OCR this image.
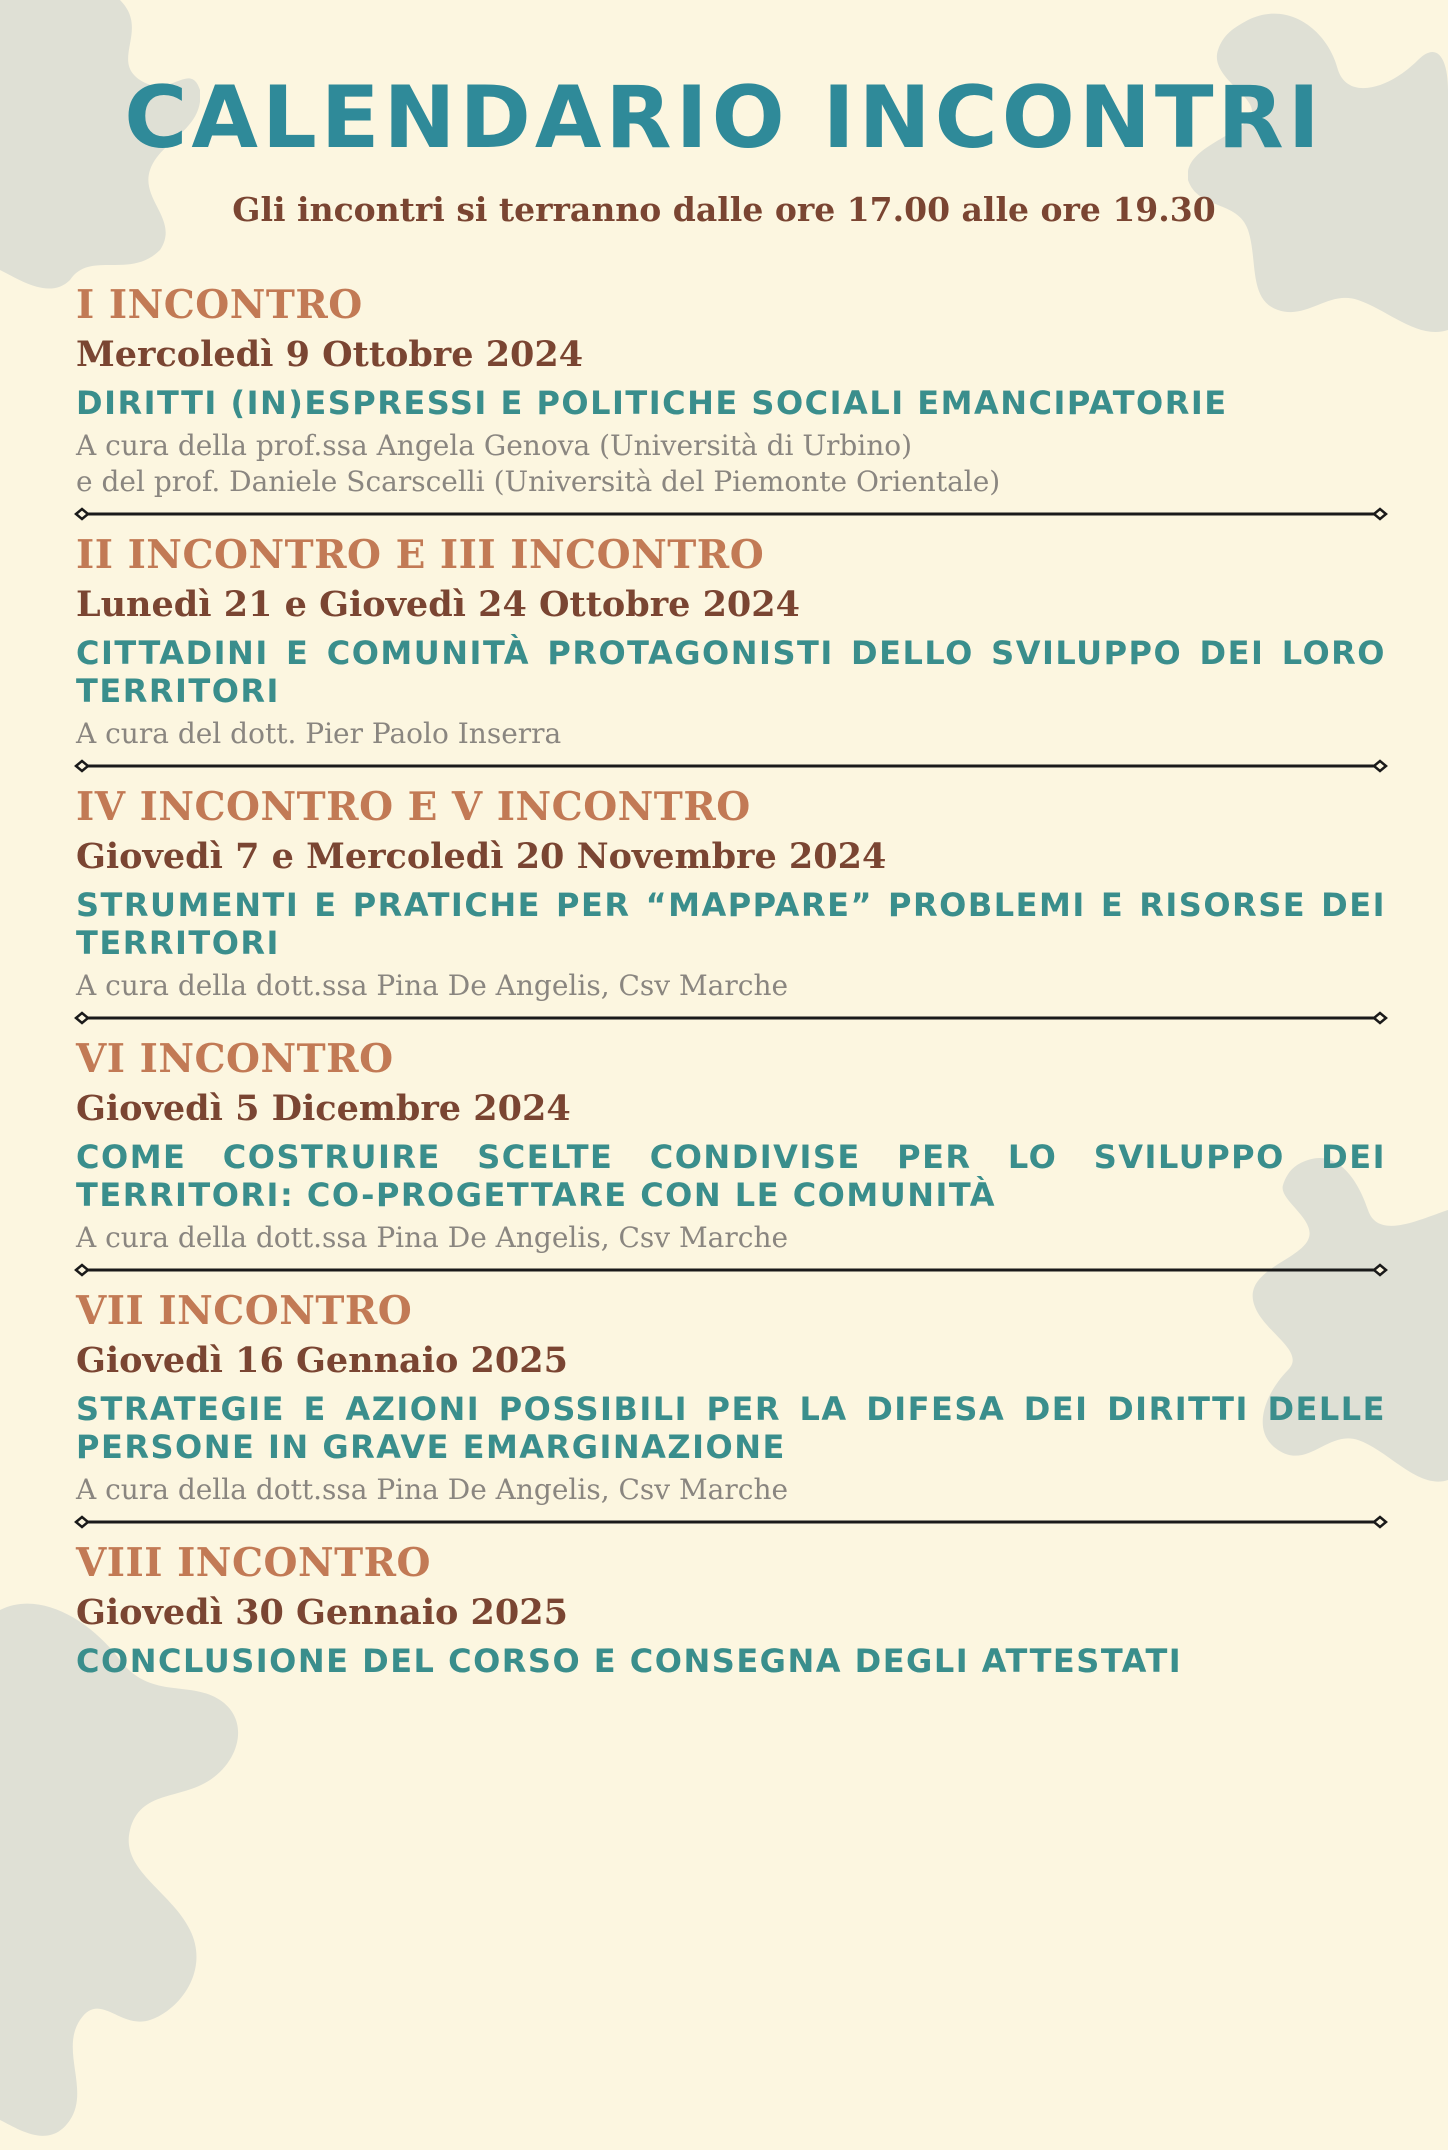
CALENDARIO INCONTRI

Gli incontri si terranno dalle ore 17.00 alle ore 19.30

I INCONTRO

Mercoledì 9 Ottobre 2024

DIRITTI (IN)ESPRESSI E POLITICHE SOCIALI EMANCIPATORIE

A cura della prof.ssa Angela Genova (Università di Urbino)

e del prof. Daniele Scarscelli (Università del Piemonte Orientale)

II INCONTRO E III INCONTRO

Lunedì 21 e Giovedì 24 Ottobre 2024

CITTADINI E COMUNITÀ PROTAGONISTI DELLO SVILUPPO DEI LORO TERRITORI

A cura del dott. Pier Paolo Inserra

IV INCONTRO E V INCONTRO

Giovedì 7 e Mercoledì 20 Novembre 2024

STRUMENTI E PRATICHE PER “MAPPARE” PROBLEMI E RISORSE DEI TERRITORI

A cura della dott.ssa Pina De Angelis, Csv Marche

VI INCONTRO

Giovedì 5 Dicembre 2024

COME COSTRUIRE SCELTE CONDIVISE PER LO SVILUPPO DEI TERRITORI: CO-PROGETTARE CON LE COMUNITÀ

A cura della dott.ssa Pina De Angelis, Csv Marche

VII INCONTRO

Giovedì 16 Gennaio 2025

STRATEGIE E AZIONI POSSIBILI PER LA DIFESA DEI DIRITTI DELLE PERSONE IN GRAVE EMARGINAZIONE

A cura della dott.ssa Pina De Angelis, Csv Marche

VIII INCONTRO

Giovedì 30 Gennaio 2025

CONCLUSIONE DEL CORSO E CONSEGNA DEGLI ATTESTATI
